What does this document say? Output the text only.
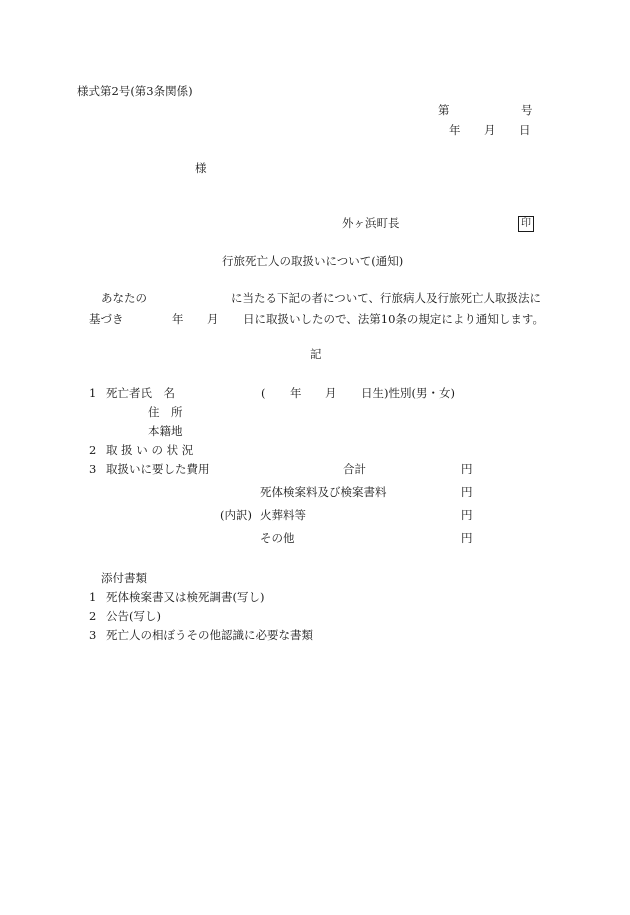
様式第2号(第3条関係)
第	号
年 月 日
様
外ヶ浜町長	印
行旅死亡人の取扱いについて(通知)
あなたの	に当たる下記の者について、行旅病人及行旅死亡人取扱法に
基づき	年 月 日に取扱いしたので、法第10条の規定により通知します。
記
1 死亡者氏　名	( 年 月 日生)性別(男・女)
住　所
本籍地
2 取 扱 い の 状 況
3 取扱いに要した費用	合計	円
死体検案料及び検案書料	円
(内訳) 火葬料等	円
その他	円
添付書類
1 死体検案書又は検死調書(写し)
2 公告(写し)
3 死亡人の相ぼうその他認識に必要な書類
